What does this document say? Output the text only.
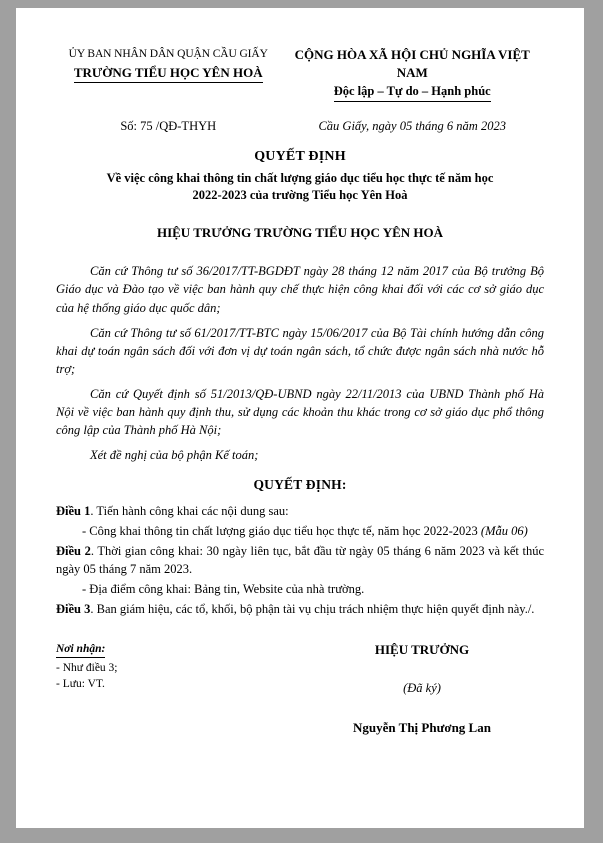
ỦY BAN NHÂN DÂN QUẬN CẦU GIẤY
TRƯỜNG TIỂU HỌC YÊN HOÀ
CỘNG HÒA XÃ HỘI CHỦ NGHĨA VIỆT NAM
Độc lập – Tự do – Hạnh phúc
Số: 75 /QĐ-THYH	Cầu Giấy, ngày 05 tháng 6 năm 2023
QUYẾT ĐỊNH
Về việc công khai thông tin chất lượng giáo dục tiểu học thực tế năm học
2022-2023 của trường Tiểu học Yên Hoà
HIỆU TRƯỞNG TRƯỜNG TIỂU HỌC YÊN HOÀ

Căn cứ Thông tư số 36/2017/TT-BGDĐT ngày 28 tháng 12 năm 2017 của Bộ trưởng Bộ Giáo dục và Đào tạo về việc ban hành quy chế thực hiện công khai đối với các cơ sở giáo dục của hệ thống giáo dục quốc dân;

Căn cứ Thông tư số 61/2017/TT-BTC ngày 15/06/2017 của Bộ Tài chính hướng dẫn công khai dự toán ngân sách đối với đơn vị dự toán ngân sách, tổ chức được ngân sách nhà nước hỗ trợ;

Căn cứ Quyết định số 51/2013/QĐ-UBND ngày 22/11/2013 của UBND Thành phố Hà Nội về việc ban hành quy định thu, sử dụng các khoản thu khác trong cơ sở giáo dục phổ thông công lập của Thành phố Hà Nội;

Xét đề nghị của bộ phận Kế toán;

QUYẾT ĐỊNH:
Điều 1. Tiến hành công khai các nội dung sau:
- Công khai thông tin chất lượng giáo dục tiểu học thực tế, năm học 2022-2023 (Mẫu 06)
Điều 2. Thời gian công khai: 30 ngày liên tục, bắt đầu từ ngày 05 tháng 6 năm 2023 và kết thúc ngày 05 tháng 7 năm 2023.
- Địa điểm công khai: Bảng tin, Website của nhà trường.
Điều 3. Ban giám hiệu, các tổ, khối, bộ phận tài vụ chịu trách nhiệm thực hiện quyết định này./.
Nơi nhận:
- Như điều 3;
- Lưu: VT.
HIỆU TRƯỞNG
(Đã ký)
Nguyễn Thị Phương Lan
